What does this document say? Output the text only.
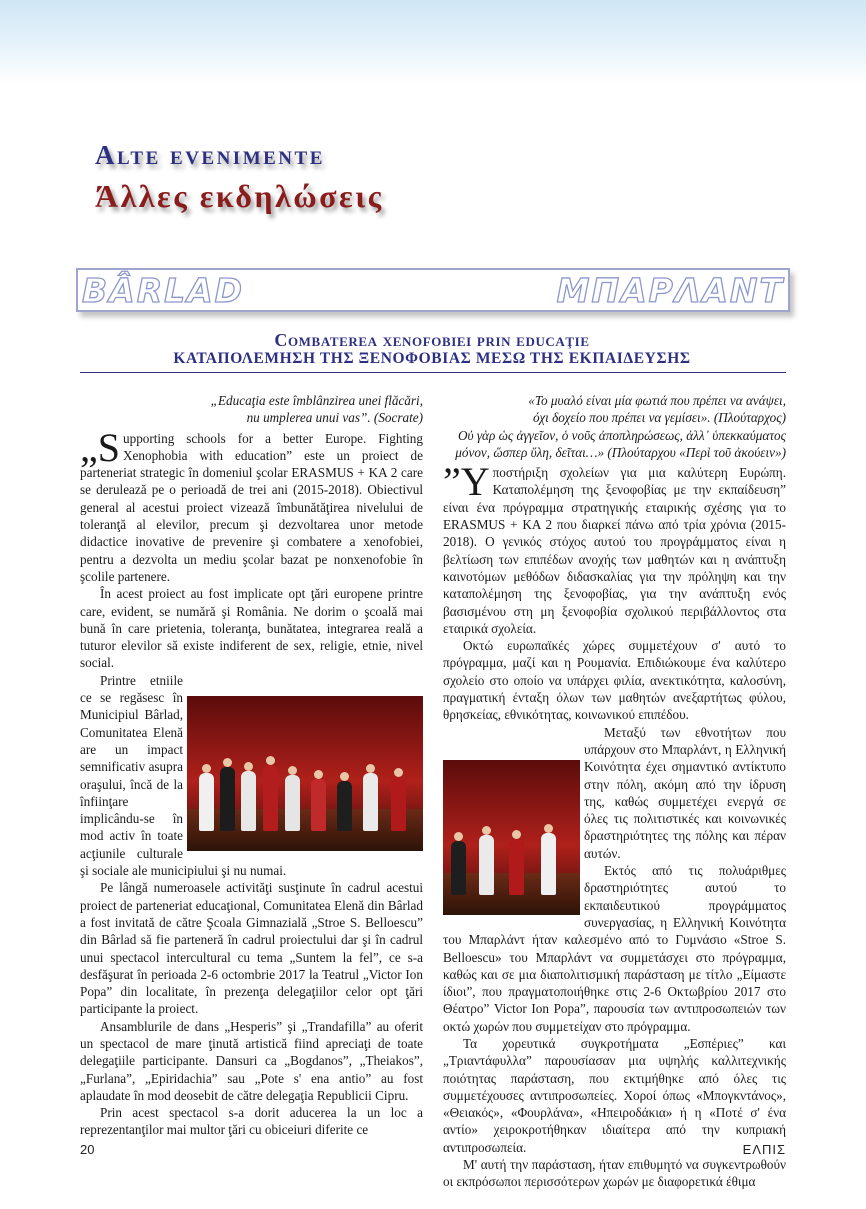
Alte evenimente
Άλλες εκδηλώσεις
BÂRLAD	ΜΠΑΡΛΑΝΤ
Combaterea xenofobiei prin educaţie
ΚΑΤΑΠΟΛΕΜΗΣΗ ΤΗΣ ΞΕΝΟΦΟΒΙΑΣ ΜΕΣΩ ΤΗΣ ΕΚΠΑΙΔΕΥΣΗΣ
„Educaţia este îmblânzirea unei flăcări,
nu umplerea unui vas”. (Socrate)

„Supporting schools for a better Europe. Fighting Xenophobia with education” este un proiect de parteneriat strategic în domeniul şcolar ERASMUS + KA 2 care se derulează pe o perioadă de trei ani (2015-2018). Obiectivul general al acestui proiect vizează îmbunătăţirea nivelului de toleranţă al elevilor, precum şi dezvoltarea unor metode didactice inovative de prevenire şi combatere a xenofobiei, pentru a dezvolta un mediu şcolar bazat pe nonxenofobie în şcolile partenere.

În acest proiect au fost implicate opt ţări europene printre care, evident, se numără şi România. Ne dorim o şcoală mai bună în care prietenia, toleranţa, bunătatea, integrarea reală a tuturor elevilor să existe indiferent de sex, religie, etnie, nivel social.

Printre etniile ce se regăsesc în Municipiul Bârlad, Comunitatea Elenă are un impact semnificativ asupra oraşului, încă de la înfiinţare implicându-se în mod activ în toate acţiunile culturale şi sociale ale municipiului şi nu numai.

Pe lângă numeroasele activităţi susţinute în cadrul acestui proiect de parteneriat educaţional, Comunitatea Elenă din Bârlad a fost invitată de către Şcoala Gimnazială „Stroe S. Belloescu” din Bârlad să fie parteneră în cadrul proiectului dar şi în cadrul unui spectacol intercultural cu tema „Suntem la fel”, ce s-a desfăşurat în perioada 2-6 octombrie 2017 la Teatrul „Victor Ion Popa” din localitate, în prezenţa delegaţiilor celor opt ţări participante la proiect.

Ansamblurile de dans „Hesperis” şi „Trandafilla” au oferit un spectacol de mare ţinută artistică fiind apreciaţi de toate delegaţiile participante. Dansuri ca „Bogdanos”, „Theiakos”, „Furlana”, „Epiridachia” sau „Pote s' ena antio” au fost aplaudate în mod deosebit de către delegaţia Republicii Cipru.

Prin acest spectacol s-a dorit aducerea la un loc a reprezentanţilor mai multor ţări cu obiceiuri diferite ce

«Το μυαλό είναι μία φωτιά που πρέπει να ανάψει,
όχι δοχείο που πρέπει να γεμίσει». (Πλούταρχος)
Οὐ γὰρ ὡς ἀγγεῖον, ὁ νοῦς ἀποπληρώσεως, ἀλλ᾽ ὑπεκκαύματος
μόνον, ὥσπερ ὕλη, δεῖται…» (Πλούταρχου «Περὶ τοῦ ἀκούειν»)

”Υ ποστήριξη σχολείων για μια καλύτερη Ευρώπη. Καταπολέμηση της ξενοφοβίας με την εκπαίδευση” είναι ένα πρόγραμμα στρατηγικής εταιρικής σχέσης για το ERASMUS + KA 2 που διαρκεί πάνω από τρία χρόνια (2015-2018). Ο γενικός στόχος αυτού του προγράμματος είναι η βελτίωση των επιπέδων ανοχής των μαθητών και η ανάπτυξη καινοτόμων μεθόδων διδασκαλίας για την πρόληψη και την καταπολέμηση της ξενοφοβίας, για την ανάπτυξη ενός βασισμένου στη μη ξενοφοβία σχολικού περιβάλλοντος στα εταιρικά σχολεία.

Οκτώ ευρωπαϊκές χώρες συμμετέχουν σ' αυτό το πρόγραμμα, μαζί και η Ρουμανία. Επιδιώκουμε ένα καλύτερο σχολείο στο οποίο να υπάρχει φιλία, ανεκτικότητα, καλοσύνη, πραγματική ένταξη όλων των μαθητών ανεξαρτήτως φύλου, θρησκείας, εθνικότητας, κοινωνικού επιπέδου.

Μεταξύ των εθνοτήτων που υπάρχουν στο Μπαρλάντ, η Ελληνική Κοινότητα έχει σημαντικό αντίκτυπο στην πόλη, ακόμη από την ίδρυση της, καθώς συμμετέχει ενεργά σε όλες τις πολιτιστικές και κοινωνικές δραστηριότητες της πόλης και πέραν αυτών.

Εκτός από τις πολυάριθμες δραστηριότητες αυτού το εκπαιδευτικού προγράμματος συνεργασίας, η Ελληνική Κοινότητα του Μπαρλάντ ήταν καλεσμένο από το Γυμνάσιο «Stroe S. Belloescu» του Μπαρλάντ να συμμετάσχει στο πρόγραμμα, καθώς και σε μια διαπολιτισμική παράσταση με τίτλο „Είμαστε ίδιοι”, που πραγματοποιήθηκε στις 2-6 Οκτωβρίου 2017 στο Θέατρο” Victor Ion Popa”, παρουσία των αντιπροσωπειών των οκτώ χωρών που συμμετείχαν στο πρόγραμμα.

Τα χορευτικά συγκροτήματα „Εσπέριες” και „Τριαντάφυλλα” παρουσίασαν μια υψηλής καλλιτεχνικής ποιότητας παράσταση, που εκτιμήθηκε από όλες τις συμμετέχουσες αντιπροσωπείες. Χοροί όπως «Μπογκντάνος», «Θειακός», «Φουρλάνα», «Ηπειροδάκια» ή η «Ποτέ σ' ένα αντίο» χειροκροτήθηκαν ιδιαίτερα από την κυπριακή αντιπροσωπεία.

Μ' αυτή την παράσταση, ήταν επιθυμητό να συγκεντρωθούν οι εκπρόσωποι περισσότερων χωρών με διαφορετικά έθιμα

20	ΕΛΠΙΣ
